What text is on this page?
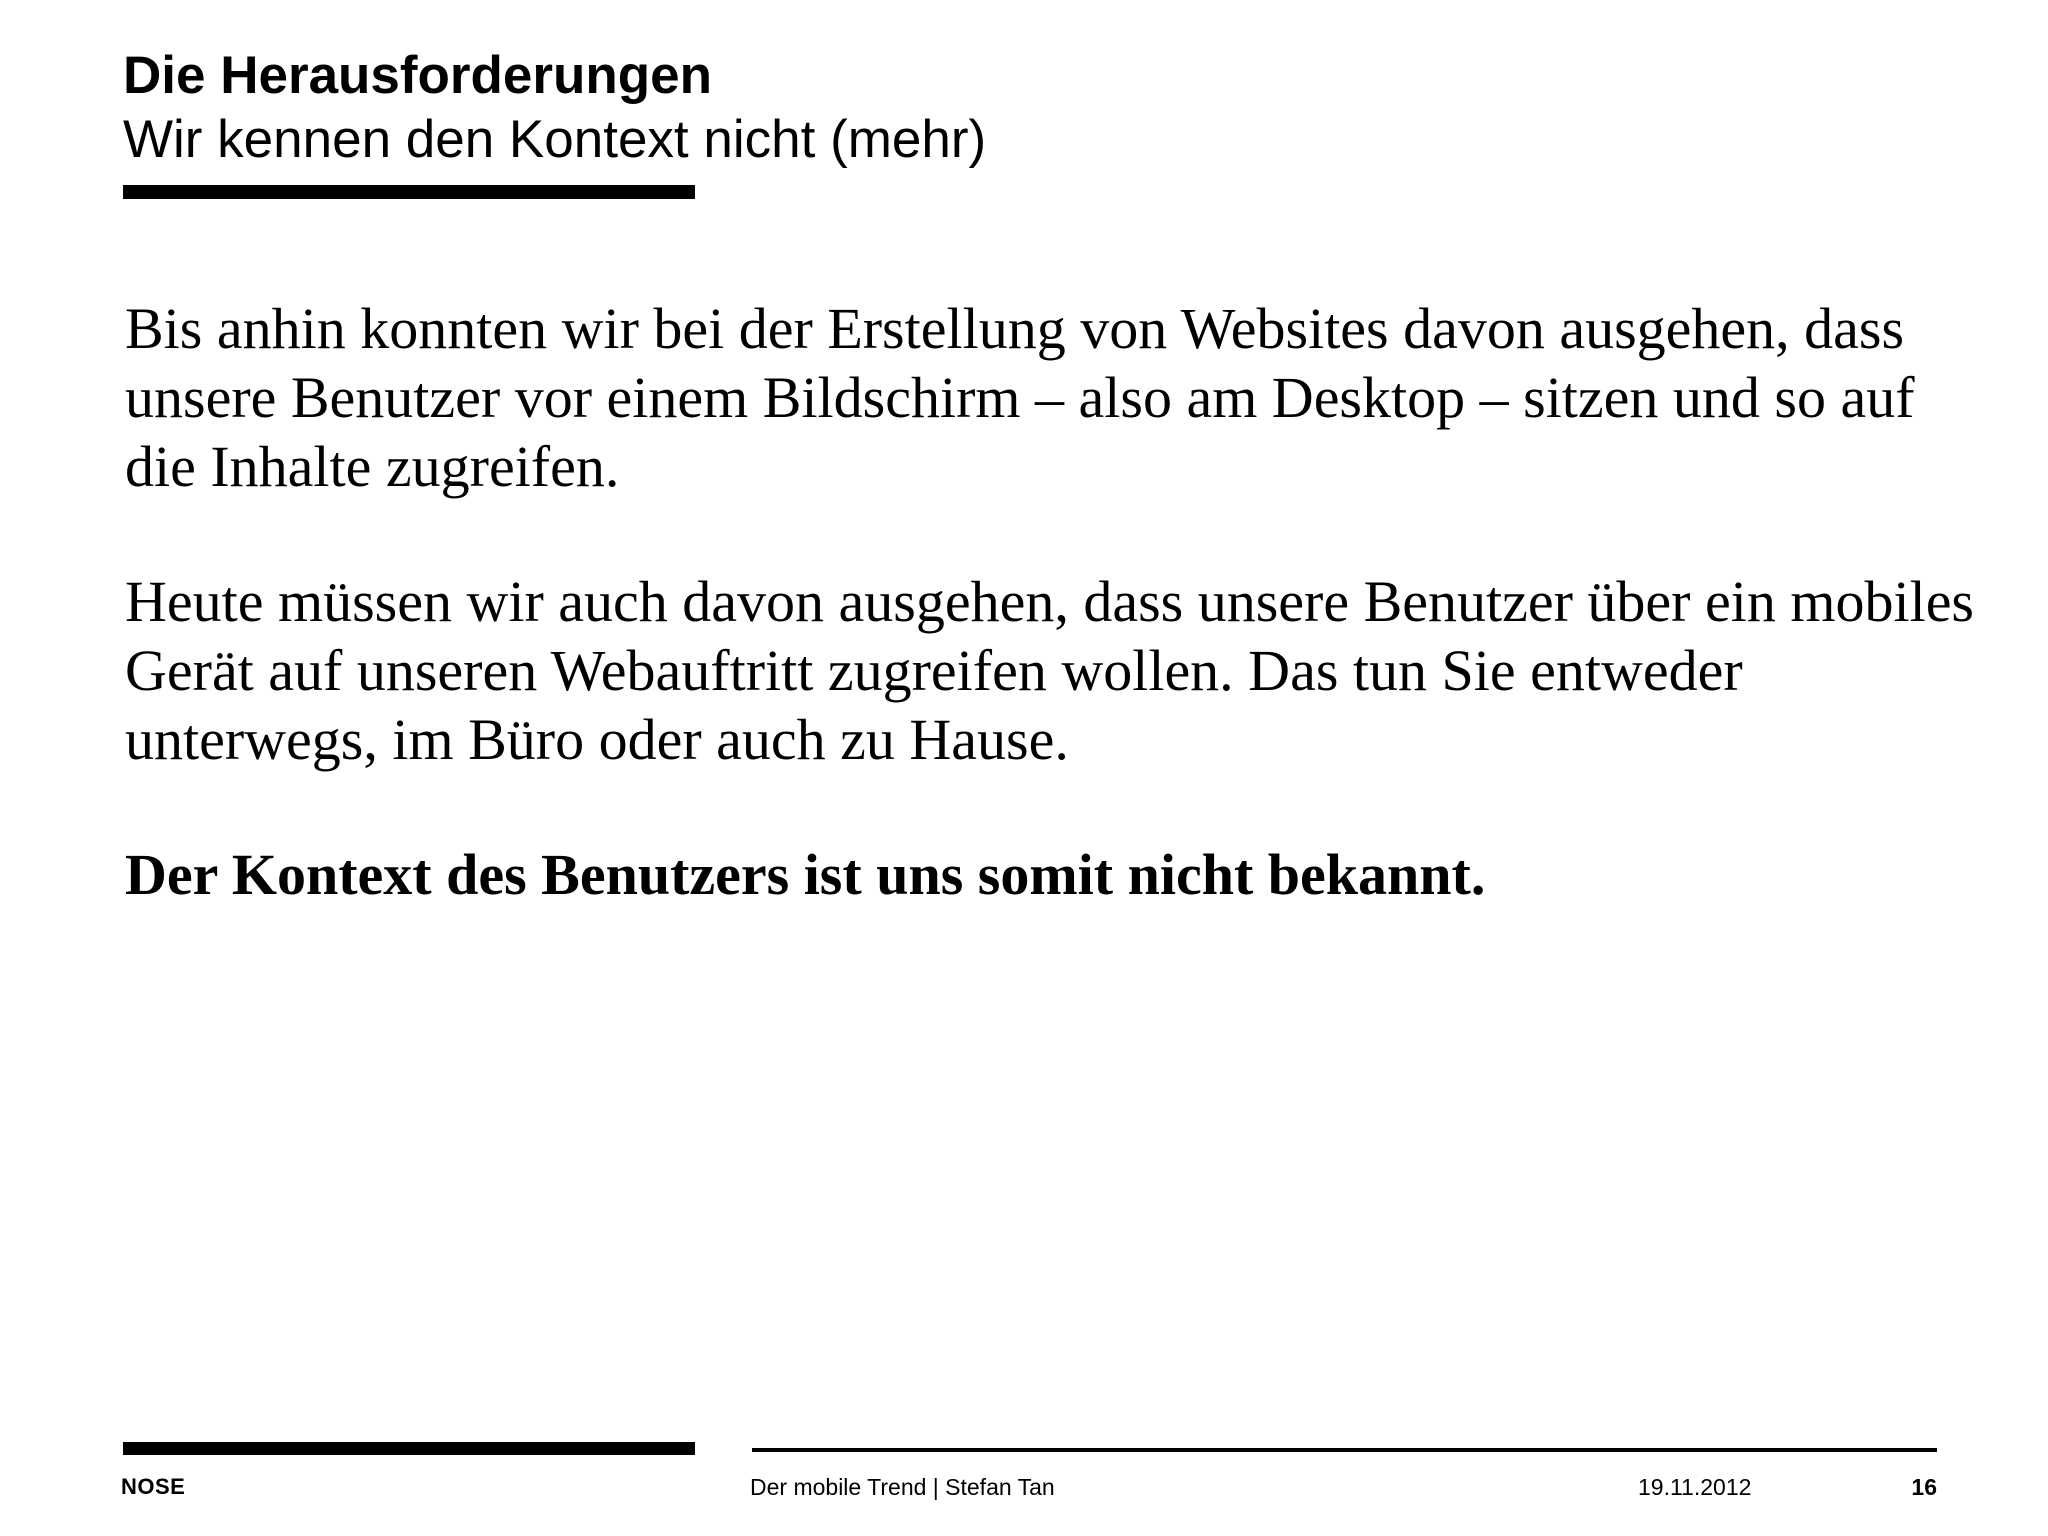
Die Herausforderungen
Wir kennen den Kontext nicht (mehr)

Bis anhin konnten wir bei der Erstellung von Websites davon ausgehen, dass unsere Benutzer vor einem Bildschirm – also am Desktop – sitzen und so auf die Inhalte zugreifen.

Heute müssen wir auch davon ausgehen, dass unsere Benutzer über ein mobiles Gerät auf unseren Webauftritt zugreifen wollen. Das tun Sie entweder unterwegs, im Büro oder auch zu Hause.

Der Kontext des Benutzers ist uns somit nicht bekannt.

NOSE	Der mobile Trend | Stefan Tan	19.11.2012	16
